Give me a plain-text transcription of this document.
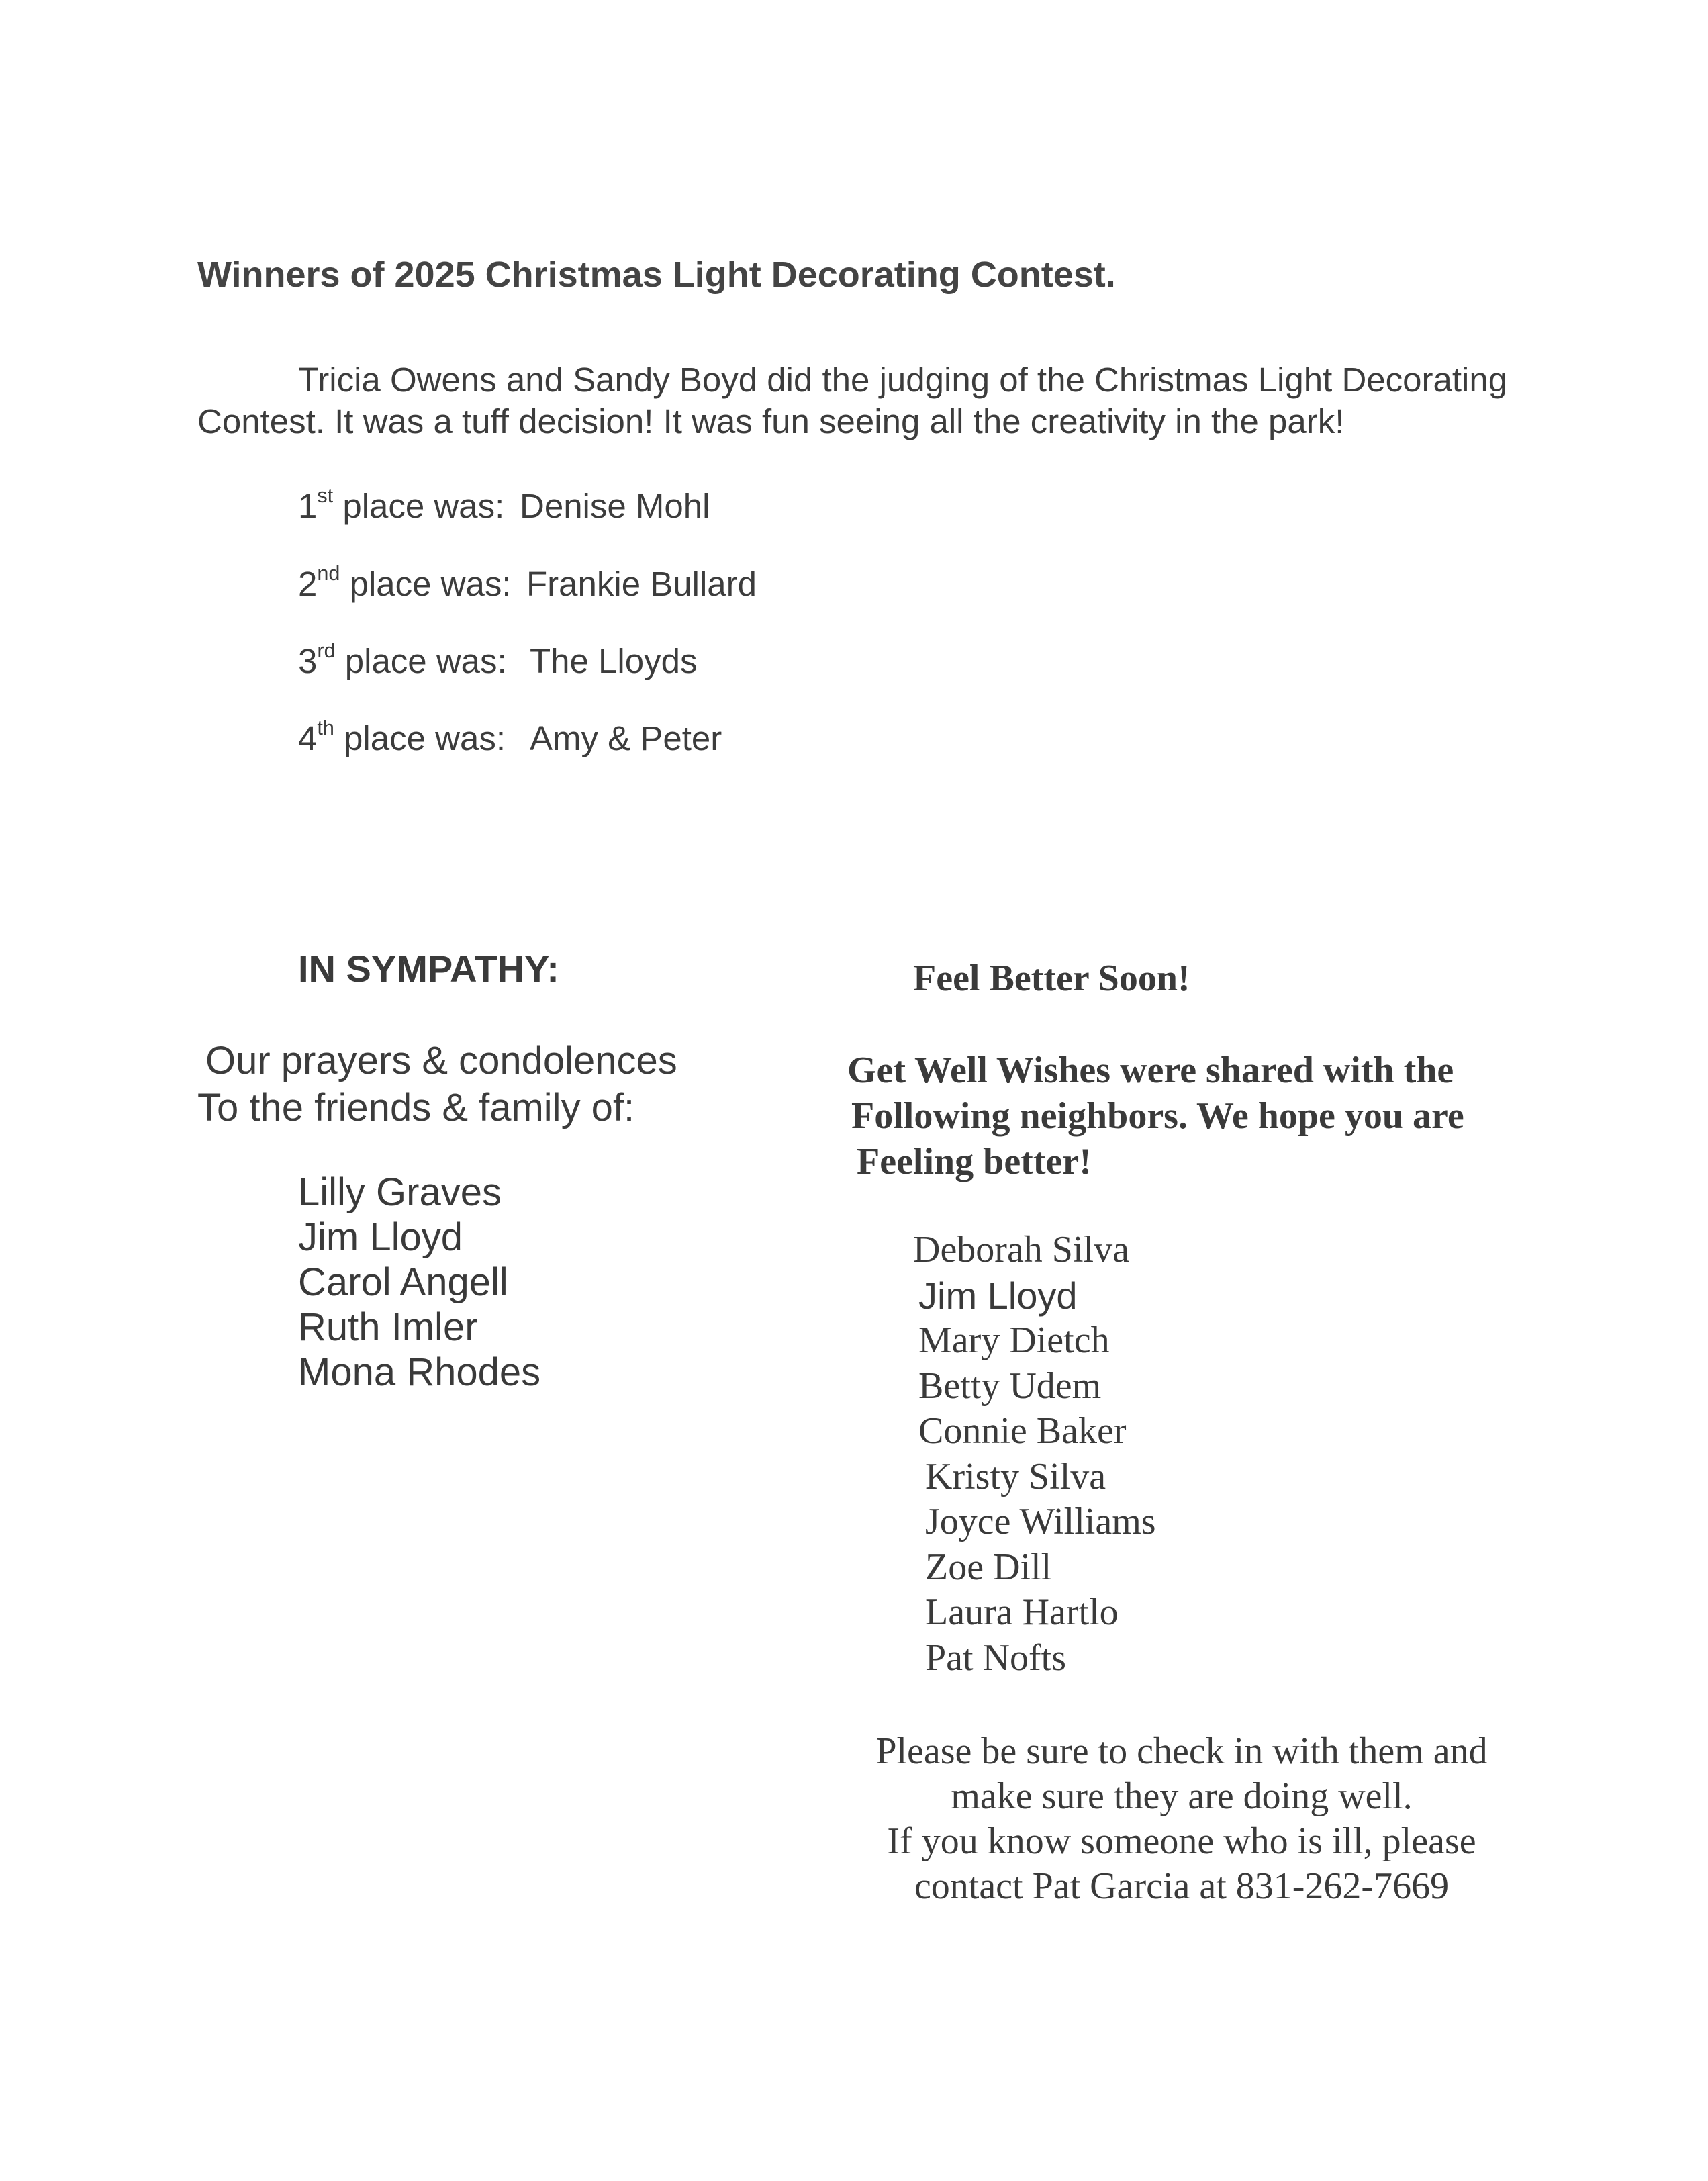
Winners of 2025 Christmas Light Decorating Contest.

Tricia Owens and Sandy Boyd did the judging of the Christmas Light Decorating

Contest. It was a tuff decision! It was fun seeing all the creativity in the park!

1st place was: Denise Mohl
2nd place was: Frankie Bullard
3rd place was: The Lloyds
4th place was: Amy & Peter
IN SYMPATHY:
Our prayers & condolences
To the friends & family of:
Lilly Graves
Jim Lloyd
Carol Angell
Ruth Imler
Mona Rhodes
Feel Better Soon!
Get Well Wishes were shared with the
Following neighbors. We hope you are
Feeling better!
Deborah Silva
Jim Lloyd
Mary Dietch
Betty Udem
Connie Baker
Kristy Silva
Joyce Williams
Zoe Dill
Laura Hartlo
Pat Nofts
Please be sure to check in with them and
make sure they are doing well.
If you know someone who is ill, please
contact Pat Garcia at 831-262-7669
